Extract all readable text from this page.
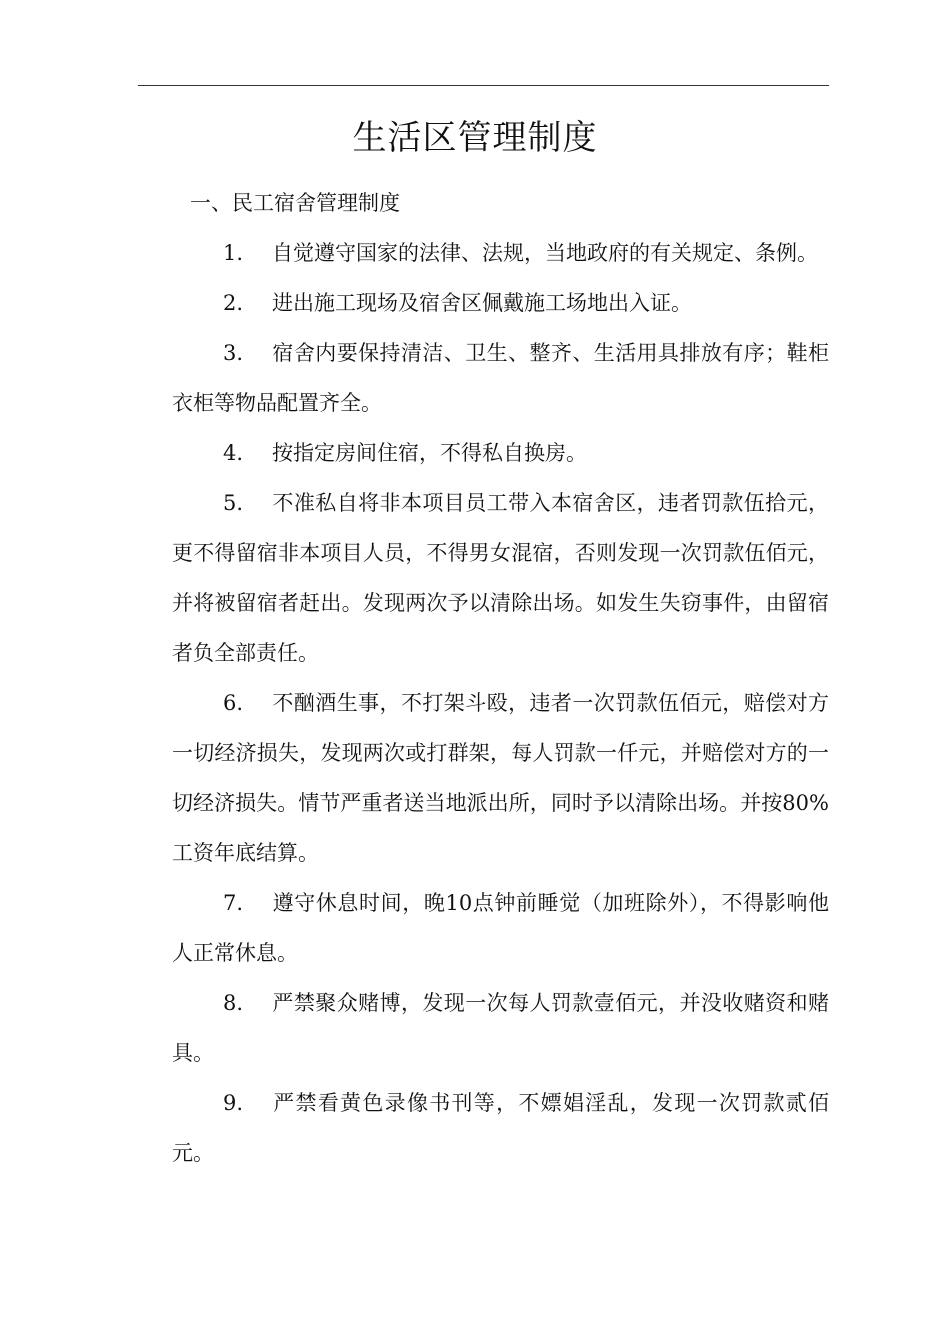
生活区管理制度

一、民工宿舍管理制度

1. 自觉遵守国家的法律、法规，当地政府的有关规定、条例。

2. 进出施工现场及宿舍区佩戴施工场地出入证。

3. 宿舍内要保持清洁、卫生、整齐、生活用具排放有序；鞋柜衣柜等物品配置齐全。

4. 按指定房间住宿，不得私自换房。

5. 不准私自将非本项目员工带入本宿舍区，违者罚款伍拾元，更不得留宿非本项目人员，不得男女混宿，否则发现一次罚款伍佰元，并将被留宿者赶出。发现两次予以清除出场。如发生失窃事件，由留宿者负全部责任。

6. 不酗酒生事，不打架斗殴，违者一次罚款伍佰元，赔偿对方一切经济损失，发现两次或打群架，每人罚款一仟元，并赔偿对方的一切经济损失。情节严重者送当地派出所，同时予以清除出场。并按80%工资年底结算。

7. 遵守休息时间，晚10点钟前睡觉（加班除外），不得影响他人正常休息。

8. 严禁聚众赌博，发现一次每人罚款壹佰元，并没收赌资和赌具。

9. 严禁看黄色录像书刊等，不嫖娼淫乱，发现一次罚款贰佰元。
